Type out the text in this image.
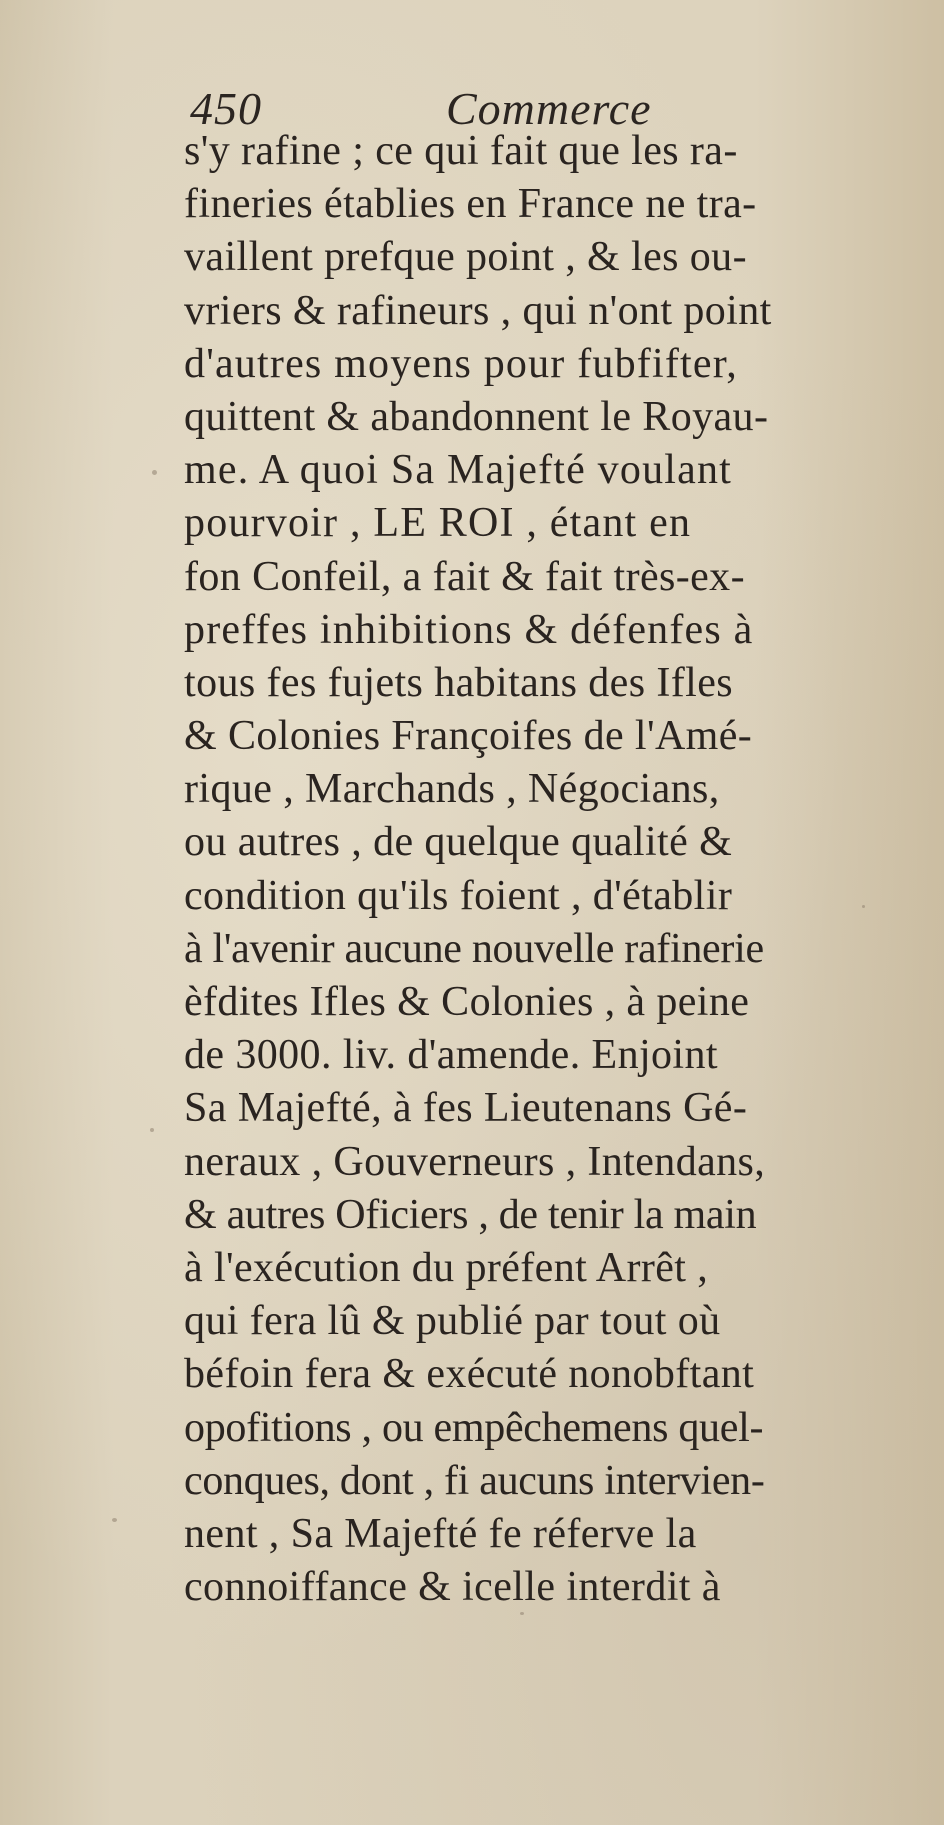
450	Commerce
s'y rafine ; ce qui fait que les ra-
fineries établies en France ne tra-
vaillent prefque point , & les ou-
vriers & rafineurs , qui n'ont point
d'autres moyens pour fubfifter,
quittent & abandonnent le Royau-
me. A quoi Sa Majefté voulant
pourvoir , LE ROI , étant en
fon Confeil, a fait & fait très-ex-
preffes inhibitions & défenfes à
tous fes fujets habitans des Ifles
& Colonies Françoifes de l'Amé-
rique , Marchands , Négocians,
ou autres , de quelque qualité &
condition qu'ils foient , d'établir
à l'avenir aucune nouvelle rafinerie
èfdites Ifles & Colonies , à peine
de 3000. liv. d'amende. Enjoint
Sa Majefté, à fes Lieutenans Gé-
neraux , Gouverneurs , Intendans,
& autres Oficiers , de tenir la main
à l'exécution du préfent Arrêt ,
qui fera lû & publié par tout où
béfoin fera & exécuté nonobftant
opofitions , ou empêchemens quel-
conques, dont , fi aucuns intervien-
nent , Sa Majefté fe réferve la
connoiffance & icelle interdit à
